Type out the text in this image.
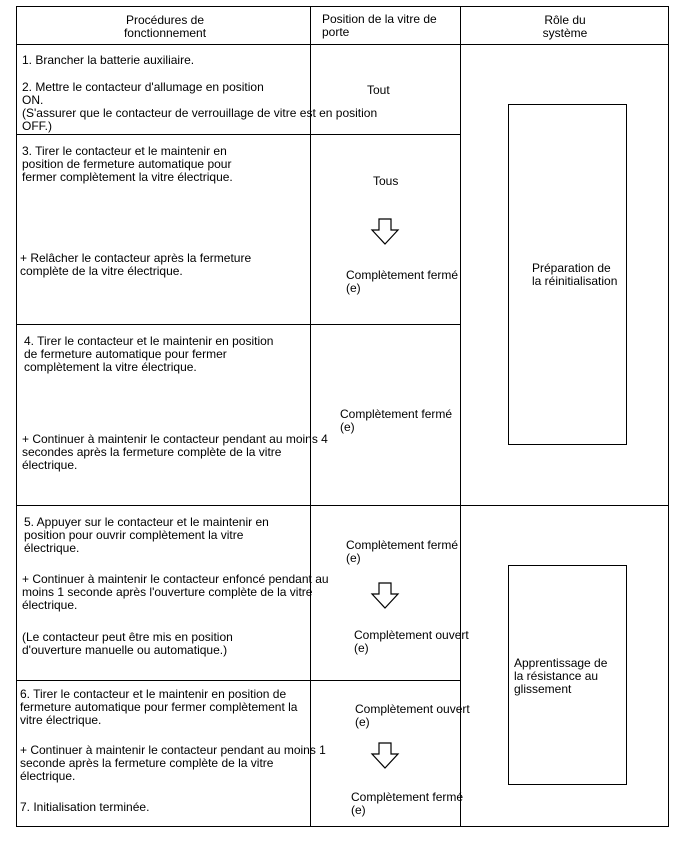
Procédures de
fonctionnement
Position de la vitre de
porte
Rôle du
système
1. Brancher la batterie auxiliaire.
2. Mettre le contacteur d'allumage en position
ON.
(S'assurer que le contacteur de verrouillage de vitre est en position
OFF.)
Tout
3. Tirer le contacteur et le maintenir en
position de fermeture automatique pour
fermer complètement la vitre électrique.
+ Relâcher le contacteur après la fermeture
complète de la vitre électrique.
Tous
Complètement fermé
(e)
4. Tirer le contacteur et le maintenir en position
de fermeture automatique pour fermer
complètement la vitre électrique.
+ Continuer à maintenir le contacteur pendant au moins 4
secondes après la fermeture complète de la vitre
électrique.
Complètement fermé
(e)
5. Appuyer sur le contacteur et le maintenir en
position pour ouvrir complètement la vitre
électrique.
+ Continuer à maintenir le contacteur enfoncé pendant au
moins 1 seconde après l'ouverture complète de la vitre
électrique.
(Le contacteur peut être mis en position
d'ouverture manuelle ou automatique.)
Complètement fermé
(e)
Complètement ouvert
(e)
6. Tirer le contacteur et le maintenir en position de
fermeture automatique pour fermer complètement la
vitre électrique.
+ Continuer à maintenir le contacteur pendant au moins 1
seconde après la fermeture complète de la vitre
électrique.
7. Initialisation terminée.
Complètement ouvert
(e)
Complètement fermé
(e)
Préparation de
la réinitialisation
Apprentissage de
la résistance au
glissement
